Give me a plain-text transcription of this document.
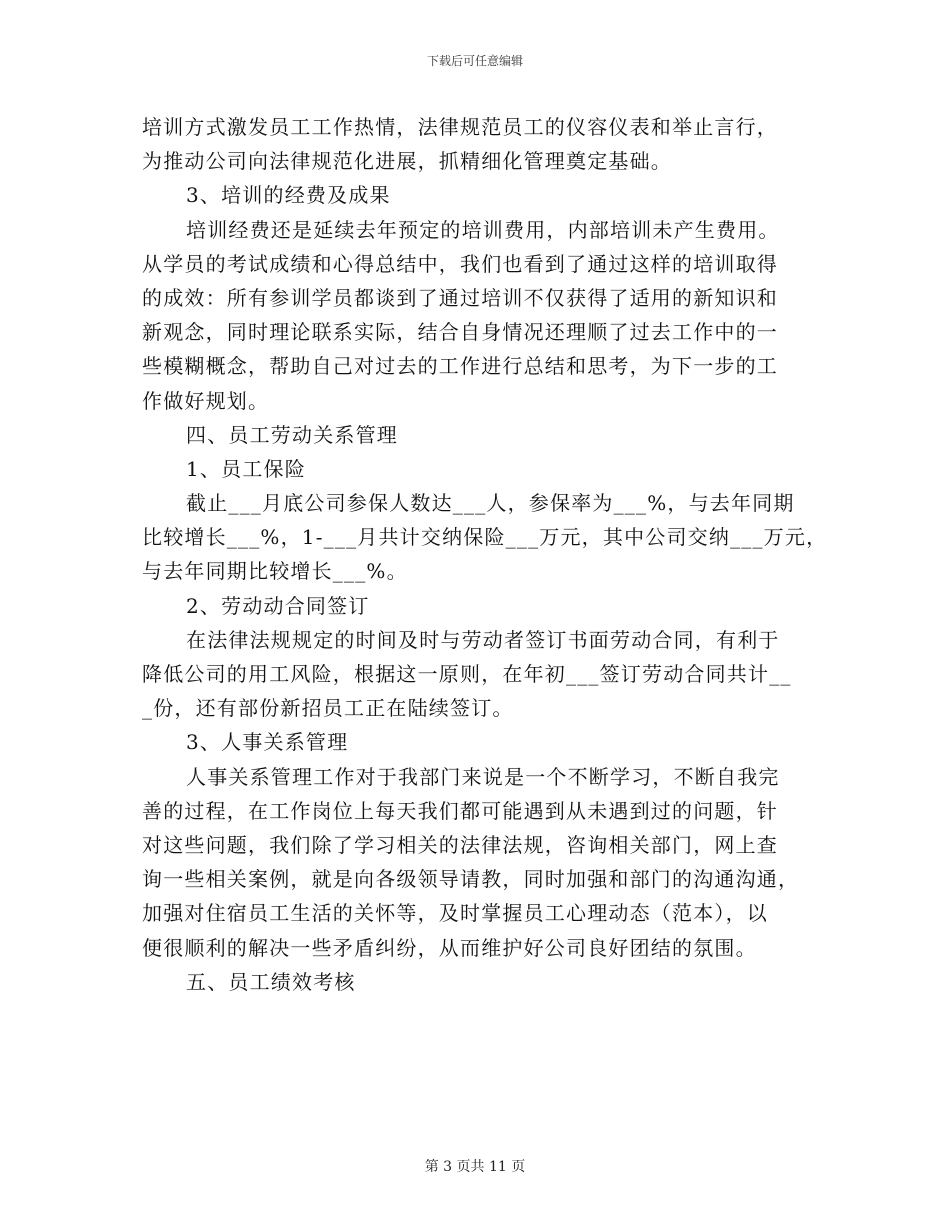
下载后可任意编辑
培训方式激发员工工作热情，法律规范员工的仪容仪表和举止言行，
为推动公司向法律规范化进展，抓精细化管理奠定基础。
3、培训的经费及成果
培训经费还是延续去年预定的培训费用，内部培训未产生费用。
从学员的考试成绩和心得总结中，我们也看到了通过这样的培训取得
的成效：所有参训学员都谈到了通过培训不仅获得了适用的新知识和
新观念，同时理论联系实际，结合自身情况还理顺了过去工作中的一
些模糊概念，帮助自己对过去的工作进行总结和思考，为下一步的工
作做好规划。
四、员工劳动关系管理
1、员工保险
截止___月底公司参保人数达___人，参保率为___%，与去年同期
比较增长___%，1-___月共计交纳保险___万元，其中公司交纳___万元，
与去年同期比较增长___%。
2、劳动动合同签订
在法律法规规定的时间及时与劳动者签订书面劳动合同，有利于
降低公司的用工风险，根据这一原则，在年初___签订劳动合同共计__
_份，还有部份新招员工正在陆续签订。
3、人事关系管理
人事关系管理工作对于我部门来说是一个不断学习，不断自我完
善的过程，在工作岗位上每天我们都可能遇到从未遇到过的问题，针
对这些问题，我们除了学习相关的法律法规，咨询相关部门，网上查
询一些相关案例，就是向各级领导请教，同时加强和部门的沟通沟通，
加强对住宿员工生活的关怀等，及时掌握员工心理动态（范本），以
便很顺利的解决一些矛盾纠纷，从而维护好公司良好团结的氛围。
五、员工绩效考核
第 3 页共 11 页
